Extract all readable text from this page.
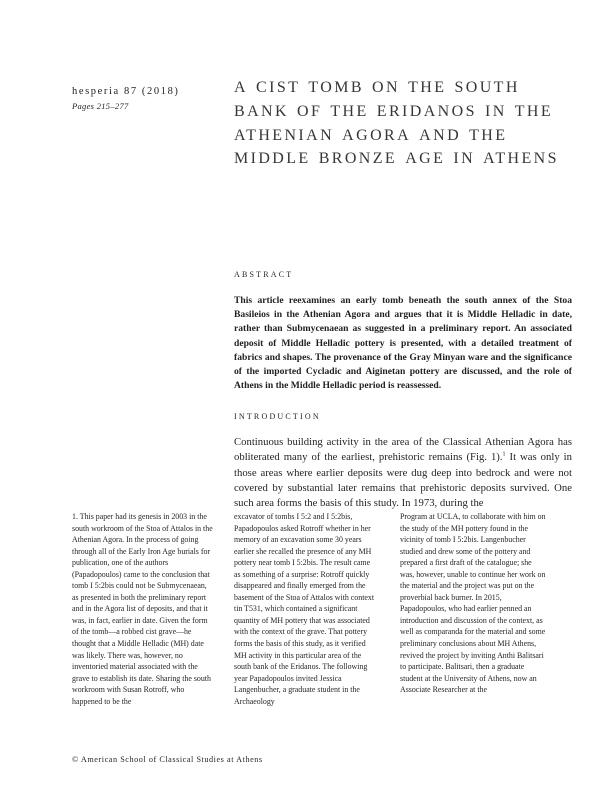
hesperia 87 (2018)
Pages 215–277
a cist tomb on the south bank of the eridanos in the athenian agora and the middle bronze age in athens
abstract

This article reexamines an early tomb beneath the south annex of the Stoa Basileios in the Athenian Agora and argues that it is Middle Helladic in date, rather than Submycenaean as suggested in a preliminary report. An associated deposit of Middle Helladic pottery is presented, with a detailed treatment of fabrics and shapes. The provenance of the Gray Minyan ware and the significance of the imported Cycladic and Aiginetan pottery are discussed, and the role of Athens in the Middle Helladic period is reassessed.

introduction

Continuous building activity in the area of the Classical Athenian Agora has obliterated many of the earliest, prehistoric remains (Fig. 1).$^1$ It was only in those areas where earlier deposits were dug deep into bedrock and were not covered by substantial later remains that prehistoric deposits survived. One such area forms the basis of this study. In 1973, during the

1. This paper had its genesis in 2003 in the south workroom of the Stoa of Attalos in the Athenian Agora. In the process of going through all of the Early Iron Age burials for publication, one of the authors (Papadopoulos) came to the conclusion that tomb I 5:2bis could not be Submycenaean, as presented in both the preliminary report and in the Agora list of deposits, and that it was, in fact, earlier in date. Given the form of the tomb—a robbed cist grave—he thought that a Middle Helladic (MH) date was likely. There was, however, no inventoried material associated with the grave to establish its date. Sharing the south workroom with Susan Rotroff, who happened to be the

excavator of tombs I 5:2 and I 5:2bis, Papadopoulos asked Rotroff whether in her memory of an excavation some 30 years earlier she recalled the presence of any MH pottery near tomb I 5:2bis. The result came as something of a surprise: Rotroff quickly disappeared and finally emerged from the basement of the Stoa of Attalos with context tin T531, which contained a significant quantity of MH pottery that was associated with the context of the grave. That pottery forms the basis of this study, as it verified MH activity in this particular area of the south bank of the Eridanos. The following year Papadopoulos invited Jessica Langenbucher, a graduate student in the Archaeology

Program at UCLA, to collaborate with him on the study of the MH pottery found in the vicinity of tomb I 5:2bis. Langenbucher studied and drew some of the pottery and prepared a first draft of the catalogue; she was, however, unable to continue her work on the material and the project was put on the proverbial back burner. In 2015, Papadopoulos, who had earlier penned an introduction and discussion of the context, as well as comparanda for the material and some preliminary conclusions about MH Athens, revived the project by inviting Anthi Balitsari to participate. Balitsari, then a graduate student at the University of Athens, now an Associate Researcher at the

© American School of Classical Studies at Athens
